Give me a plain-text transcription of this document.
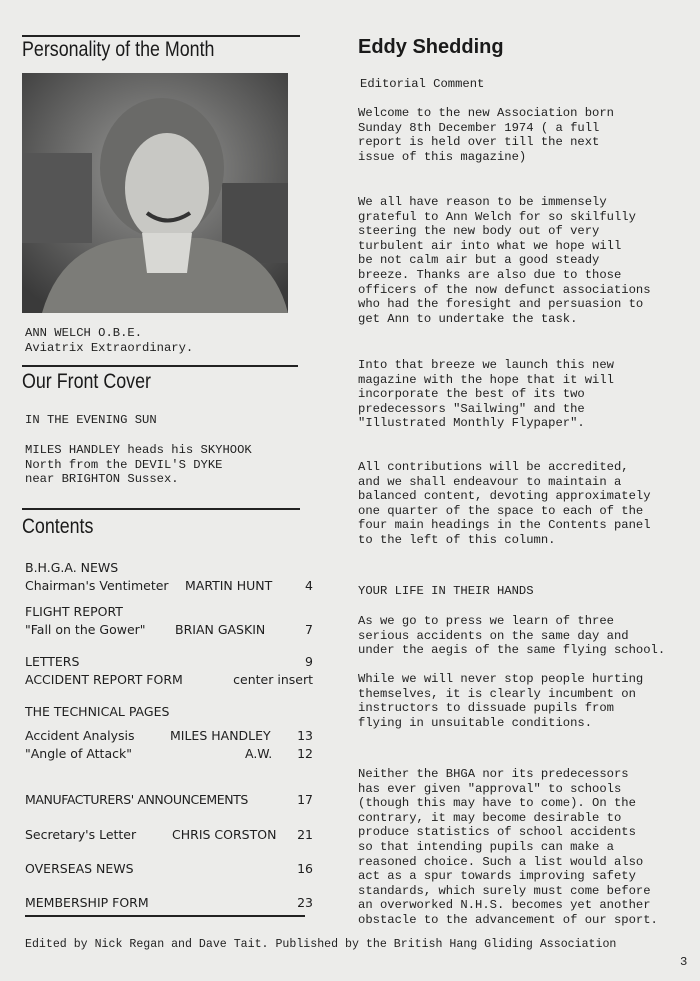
Personality of the Month
ANN WELCH O.B.E.
Aviatrix Extraordinary.
Our Front Cover
IN THE EVENING SUN
MILES HANDLEY heads his SKYHOOK
North from the DEVIL'S DYKE
near BRIGHTON Sussex.
Contents
B.H.G.A. NEWS
Chairman's Ventimeter MARTIN HUNT	4
FLIGHT REPORT
"Fall on the Gower" BRIAN GASKIN	7
LETTERS	9
ACCIDENT REPORT FORM	center insert
THE TECHNICAL PAGES
Accident Analysis	MILES HANDLEY 13
"Angle of Attack"	A.W. 12
MANUFACTURERS' ANNOUNCEMENTS	17
Secretary's Letter	CHRIS CORSTON 21
OVERSEAS NEWS	16
MEMBERSHIP FORM	23
Eddy Shedding
Editorial Comment
Welcome to the new Association born
Sunday 8th December 1974 ( a full
report is held over till the next
issue of this magazine)
We all have reason to be immensely
grateful to Ann Welch for so skilfully
steering the new body out of very
turbulent air into what we hope will
be not calm air but a good steady
breeze. Thanks are also due to those
officers of the now defunct associations
who had the foresight and persuasion to
get Ann to undertake the task.
Into that breeze we launch this new
magazine with the hope that it will
incorporate the best of its two
predecessors "Sailwing" and the
"Illustrated Monthly Flypaper".
All contributions will be accredited,
and we shall endeavour to maintain a
balanced content, devoting approximately
one quarter of the space to each of the
four main headings in the Contents panel
to the left of this column.
YOUR LIFE IN THEIR HANDS
As we go to press we learn of three
serious accidents on the same day and
under the aegis of the same flying school.
While we will never stop people hurting
themselves, it is clearly incumbent on
instructors to dissuade pupils from
flying in unsuitable conditions.
Neither the BHGA nor its predecessors
has ever given "approval" to schools
(though this may have to come). On the
contrary, it may become desirable to
produce statistics of school accidents
so that intending pupils can make a
reasoned choice. Such a list would also
act as a spur towards improving safety
standards, which surely must come before
an overworked N.H.S. becomes yet another
obstacle to the advancement of our sport.
Edited by Nick Regan and Dave Tait. Published by the British Hang Gliding Association
3
